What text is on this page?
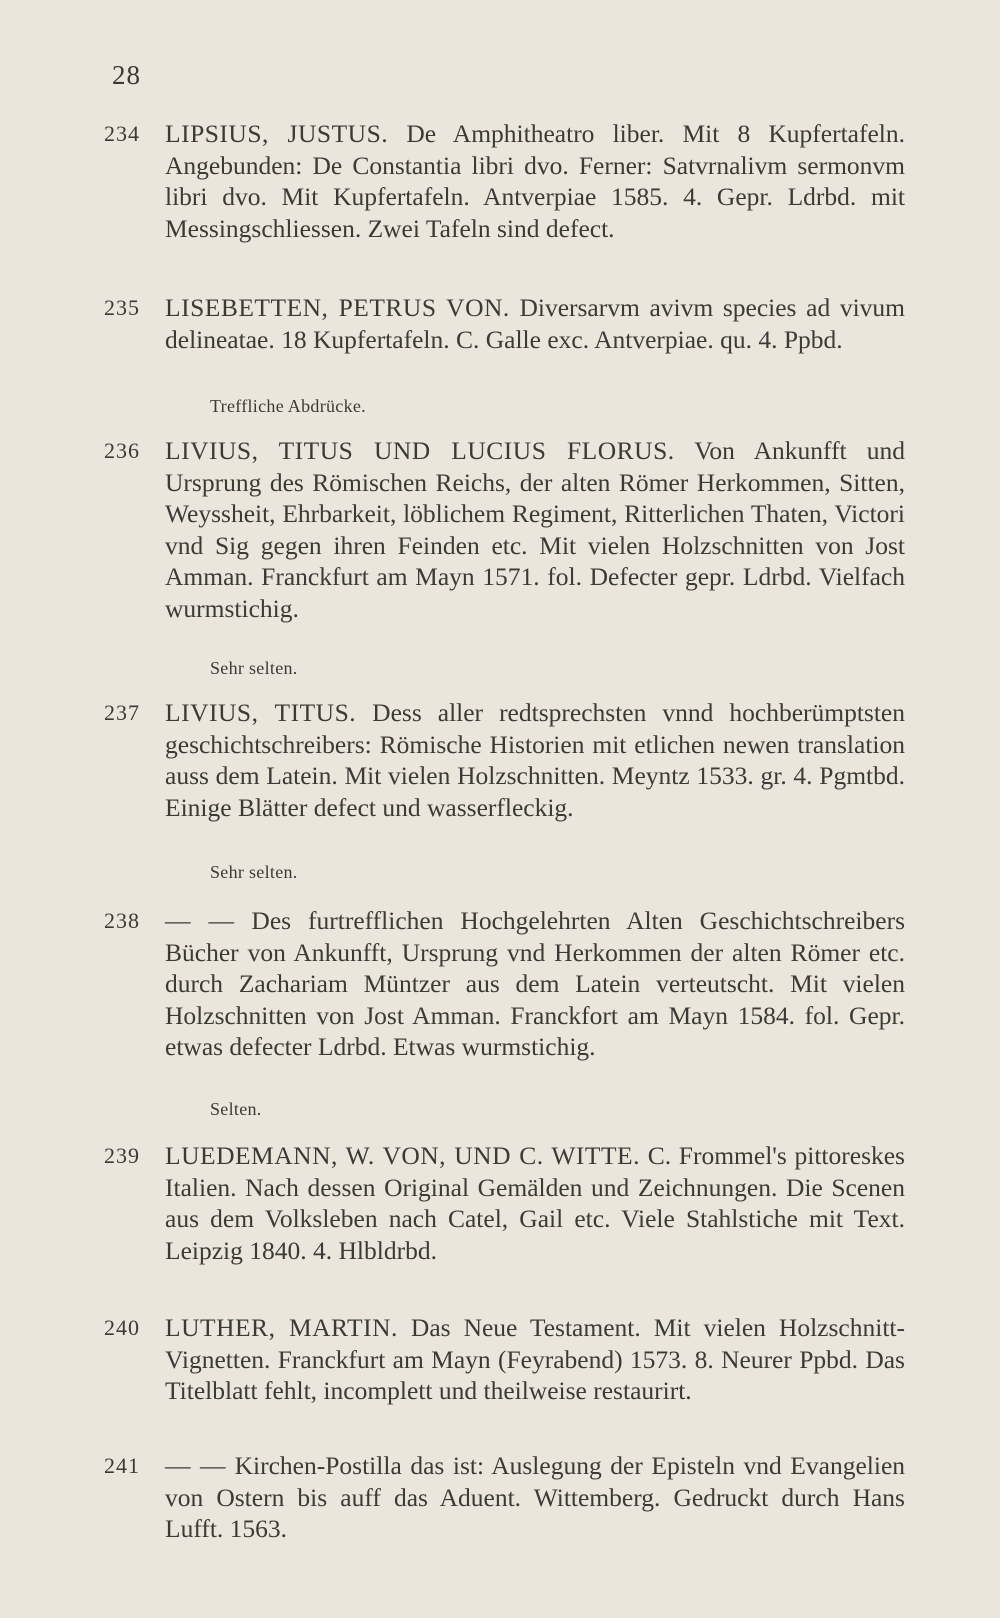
28
234 LIPSIUS, JUSTUS. De Amphitheatro liber. Mit 8 Kupfertafeln. Angebunden: De Constantia libri dvo. Ferner: Satvrnalivm sermonvm libri dvo. Mit Kupfertafeln. Antverpiae 1585. 4. Gepr. Ldrbd. mit Messingschliessen. Zwei Tafeln sind defect.
235 LISEBETTEN, PETRUS VON. Diversarvm avivm species ad vivum delineatae. 18 Kupfertafeln. C. Galle exc. Antverpiae. qu. 4. Ppbd.
Treffliche Abdrücke.
236 LIVIUS, TITUS UND LUCIUS FLORUS. Von Ankunfft und Ursprung des Römischen Reichs, der alten Römer Herkommen, Sitten, Weyssheit, Ehrbarkeit, löblichem Regiment, Ritterlichen Thaten, Victori vnd Sig gegen ihren Feinden etc. Mit vielen Holzschnitten von Jost Amman. Franckfurt am Mayn 1571. fol. Defecter gepr. Ldrbd. Vielfach wurmstichig.
Sehr selten.
237 LIVIUS, TITUS. Dess aller redtsprechsten vnnd hochberümptsten geschichtschreibers: Römische Historien mit etlichen newen translation auss dem Latein. Mit vielen Holzschnitten. Meyntz 1533. gr. 4. Pgmtbd. Einige Blätter defect und wasserfleckig.
Sehr selten.
238 — — Des furtrefflichen Hochgelehrten Alten Geschichtschreibers Bücher von Ankunfft, Ursprung vnd Herkommen der alten Römer etc. durch Zachariam Müntzer aus dem Latein verteutscht. Mit vielen Holzschnitten von Jost Amman. Franckfort am Mayn 1584. fol. Gepr. etwas defecter Ldrbd. Etwas wurmstichig.
Selten.
239 LUEDEMANN, W. VON, UND C. WITTE. C. Frommel's pittoreskes Italien. Nach dessen Original Gemälden und Zeichnungen. Die Scenen aus dem Volksleben nach Catel, Gail etc. Viele Stahlstiche mit Text. Leipzig 1840. 4. Hlbldrbd.
240 LUTHER, MARTIN. Das Neue Testament. Mit vielen Holzschnitt-Vignetten. Franckfurt am Mayn (Feyrabend) 1573. 8. Neurer Ppbd. Das Titelblatt fehlt, incomplett und theilweise restaurirt.
241 — — Kirchen-Postilla das ist: Auslegung der Episteln vnd Evangelien von Ostern bis auff das Aduent. Wittemberg. Gedruckt durch Hans Lufft. 1563.
